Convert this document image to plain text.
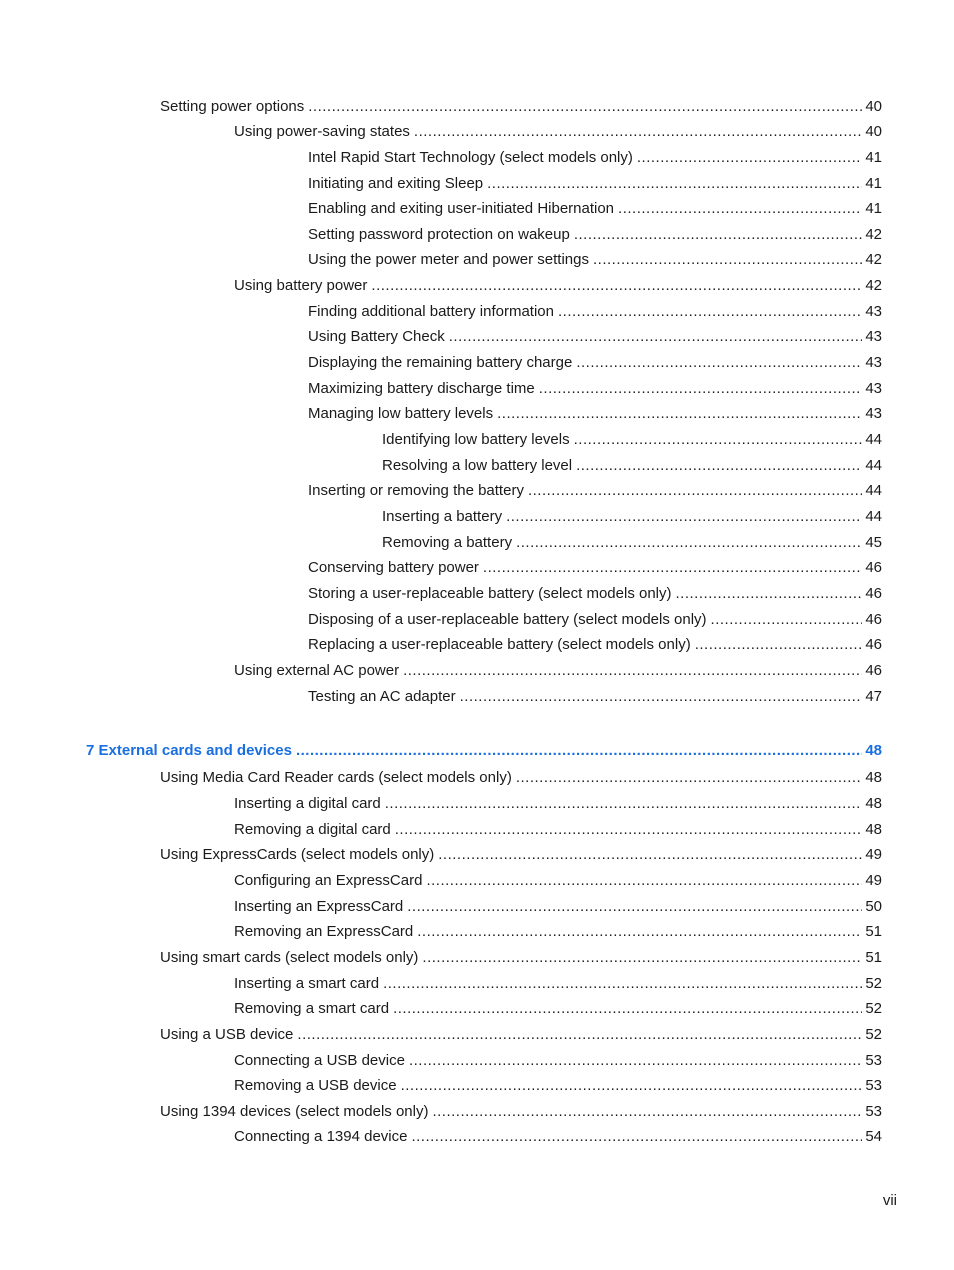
Setting power options .....	40
Using power-saving states .....	40
Intel Rapid Start Technology (select models only) .....	41
Initiating and exiting Sleep .....	41
Enabling and exiting user-initiated Hibernation .....	41
Setting password protection on wakeup .....	42
Using the power meter and power settings .....	42
Using battery power .....	42
Finding additional battery information .....	43
Using Battery Check .....	43
Displaying the remaining battery charge .....	43
Maximizing battery discharge time .....	43
Managing low battery levels .....	43
Identifying low battery levels .....	44
Resolving a low battery level .....	44
Inserting or removing the battery .....	44
Inserting a battery .....	44
Removing a battery .....	45
Conserving battery power .....	46
Storing a user-replaceable battery (select models only) .....	46
Disposing of a user-replaceable battery (select models only) .....	46
Replacing a user-replaceable battery (select models only) .....	46
Using external AC power .....	46
Testing an AC adapter .....	47
7 External cards and devices .....	48
Using Media Card Reader cards (select models only) .....	48
Inserting a digital card .....	48
Removing a digital card .....	48
Using ExpressCards (select models only) .....	49
Configuring an ExpressCard .....	49
Inserting an ExpressCard .....	50
Removing an ExpressCard .....	51
Using smart cards (select models only) .....	51
Inserting a smart card .....	52
Removing a smart card .....	52
Using a USB device .....	52
Connecting a USB device .....	53
Removing a USB device .....	53
Using 1394 devices (select models only) .....	53
Connecting a 1394 device .....	54
vii
